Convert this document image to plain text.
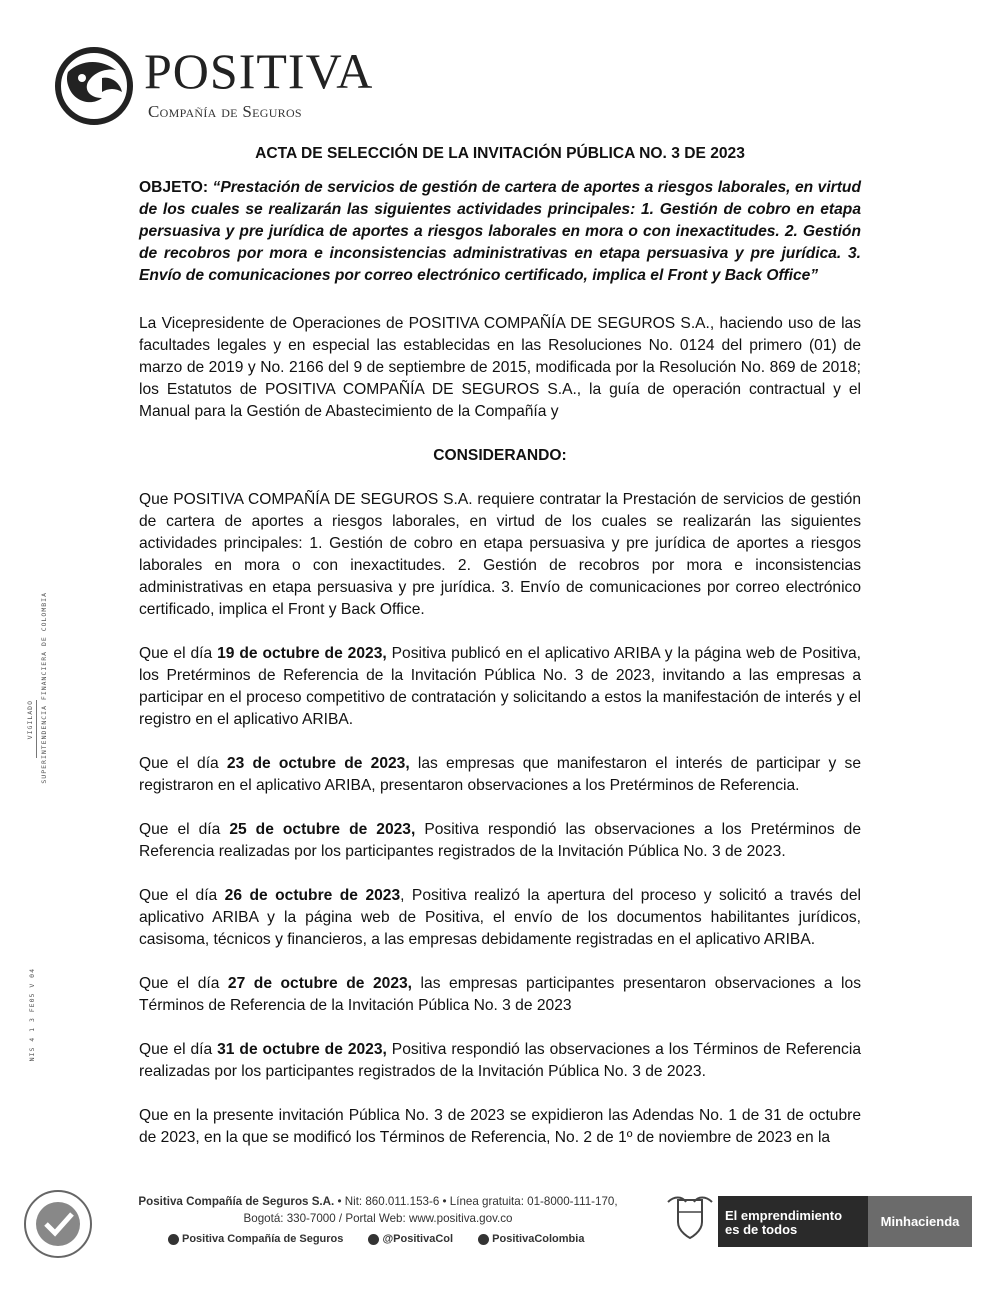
POSITIVA
Compañía de Seguros
VIGILADO SUPERINTENDENCIA FINANCIERA DE COLOMBIA
NIS 4 1 3 FE05 V 04
ACTA DE SELECCIÓN DE LA INVITACIÓN PÚBLICA NO. 3 DE 2023

OBJETO: “Prestación de servicios de gestión de cartera de aportes a riesgos laborales, en virtud de los cuales se realizarán las siguientes actividades principales: 1. Gestión de cobro en etapa persuasiva y pre jurídica de aportes a riesgos laborales en mora o con inexactitudes. 2. Gestión de recobros por mora e inconsistencias administrativas en etapa persuasiva y pre jurídica. 3. Envío de comunicaciones por correo electrónico certificado, implica el Front y Back Office”

La Vicepresidente de Operaciones de POSITIVA COMPAÑÍA DE SEGUROS S.A., haciendo uso de las facultades legales y en especial las establecidas en las Resoluciones No. 0124 del primero (01) de marzo de 2019 y No. 2166 del 9 de septiembre de 2015, modificada por la Resolución No. 869 de 2018; los Estatutos de POSITIVA COMPAÑÍA DE SEGUROS S.A., la guía de operación contractual y el Manual para la Gestión de Abastecimiento de la Compañía y

CONSIDERANDO:

Que POSITIVA COMPAÑÍA DE SEGUROS S.A. requiere contratar la Prestación de servicios de gestión de cartera de aportes a riesgos laborales, en virtud de los cuales se realizarán las siguientes actividades principales: 1. Gestión de cobro en etapa persuasiva y pre jurídica de aportes a riesgos laborales en mora o con inexactitudes. 2. Gestión de recobros por mora e inconsistencias administrativas en etapa persuasiva y pre jurídica. 3. Envío de comunicaciones por correo electrónico certificado, implica el Front y Back Office.

Que el día 19 de octubre de 2023, Positiva publicó en el aplicativo ARIBA y la página web de Positiva, los Pretérminos de Referencia de la Invitación Pública No. 3 de 2023, invitando a las empresas a participar en el proceso competitivo de contratación y solicitando a estos la manifestación de interés y el registro en el aplicativo ARIBA.

Que el día 23 de octubre de 2023, las empresas que manifestaron el interés de participar y se registraron en el aplicativo ARIBA, presentaron observaciones a los Pretérminos de Referencia.

Que el día 25 de octubre de 2023, Positiva respondió las observaciones a los Pretérminos de Referencia realizadas por los participantes registrados de la Invitación Pública No. 3 de 2023.

Que el día 26 de octubre de 2023, Positiva realizó la apertura del proceso y solicitó a través del aplicativo ARIBA y la página web de Positiva, el envío de los documentos habilitantes jurídicos, casisoma, técnicos y financieros, a las empresas debidamente registradas en el aplicativo ARIBA.

Que el día 27 de octubre de 2023, las empresas participantes presentaron observaciones a los Términos de Referencia de la Invitación Pública No. 3 de 2023

Que el día 31 de octubre de 2023, Positiva respondió las observaciones a los Términos de Referencia realizadas por los participantes registrados de la Invitación Pública No. 3 de 2023.

Que en la presente invitación Pública No. 3 de 2023 se expidieron las Adendas No. 1 de 31 de octubre de 2023, en la que se modificó los Términos de Referencia, No. 2 de 1º de noviembre de 2023 en la

Positiva Compañía de Seguros S.A. • Nit: 860.011.153-6 • Línea gratuita: 01-8000-111-170,
Bogotá: 330-7000 / Portal Web: www.positiva.gov.co
Positiva Compañía de Seguros
	@PositivaCol
	PositivaColombia
El emprendimiento
es de todos
Minhacienda
